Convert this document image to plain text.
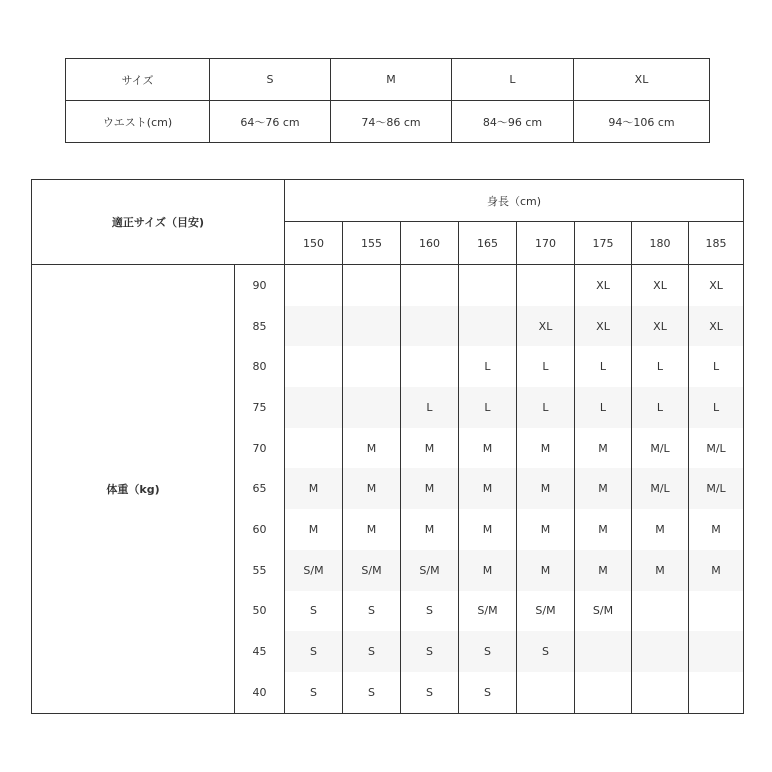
サイズ	S	M	L	XL
ウエスト(cm)	64～76 cm	74～86 cm	84～96 cm	94～106 cm
適正サイズ（目安)		身長（cm)							
		150	155	160	165	170	175	180	185
体重（kg)	90						XL	XL	XL
	85					XL	XL	XL	XL
	80				L	L	L	L	L
	75			L	L	L	L	L	L
	70		M	M	M	M	M	M/L	M/L
	65	M	M	M	M	M	M	M/L	M/L
	60	M	M	M	M	M	M	M	M
	55	S/M	S/M	S/M	M	M	M	M	M
	50	S	S	S	S/M	S/M	S/M		
	45	S	S	S	S	S			
	40	S	S	S	S				
